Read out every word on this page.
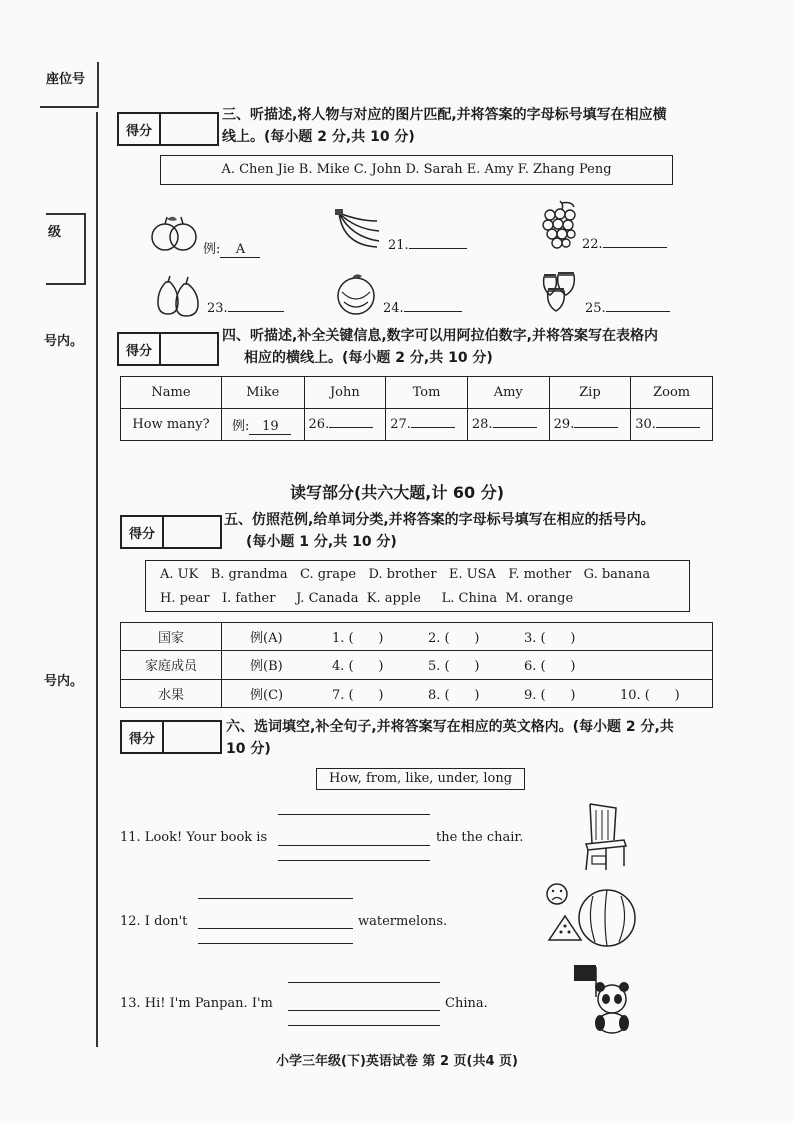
座位号
级
号内。
号内。
得分
三、听描述,将人物与对应的图片匹配,并将答案的字母标号填写在相应横
线上。(每小题 2 分,共 10 分)
A. Chen Jie B. Mike C. John D. Sarah E. Amy F. Zhang Peng
例: A	21.	22.
23.	24.	25.
得分
四、听描述,补全关键信息,数字可以用阿拉伯数字,并将答案写在表格内
相应的横线上。(每小题 2 分,共 10 分)
Name	Mike	John	Tom	Amy	Zip	Zoom
How many?	例: 19	26.	27.	28.	29.	30.
读写部分(共六大题,计 60 分)
得分
五、仿照范例,给单词分类,并将答案的字母标号填写在相应的括号内。
(每小题 1 分,共 10 分)
A. UK   B. grandma   C. grape   D. brother   E. USA   F. mother   G. banana
H. pear   I. father     J. Canada  K. apple     L. China  M. orange
国家	例(A) 1. (      ) 2. (      ) 3. (      )
家庭成员	例(B) 4. (      ) 5. (      ) 6. (      )
水果	例(C) 7. (      ) 8. (      ) 9. (      ) 10. (      )
得分
六、选词填空,补全句子,并将答案写在相应的英文格内。(每小题 2 分,共
10 分)
How, from, like, under, long
11. Look! Your book is	the the chair.
12. I don't	watermelons.
13. Hi! I'm Panpan. I'm	China.
小学三年级(下)英语试卷 第 2 页(共4 页)
